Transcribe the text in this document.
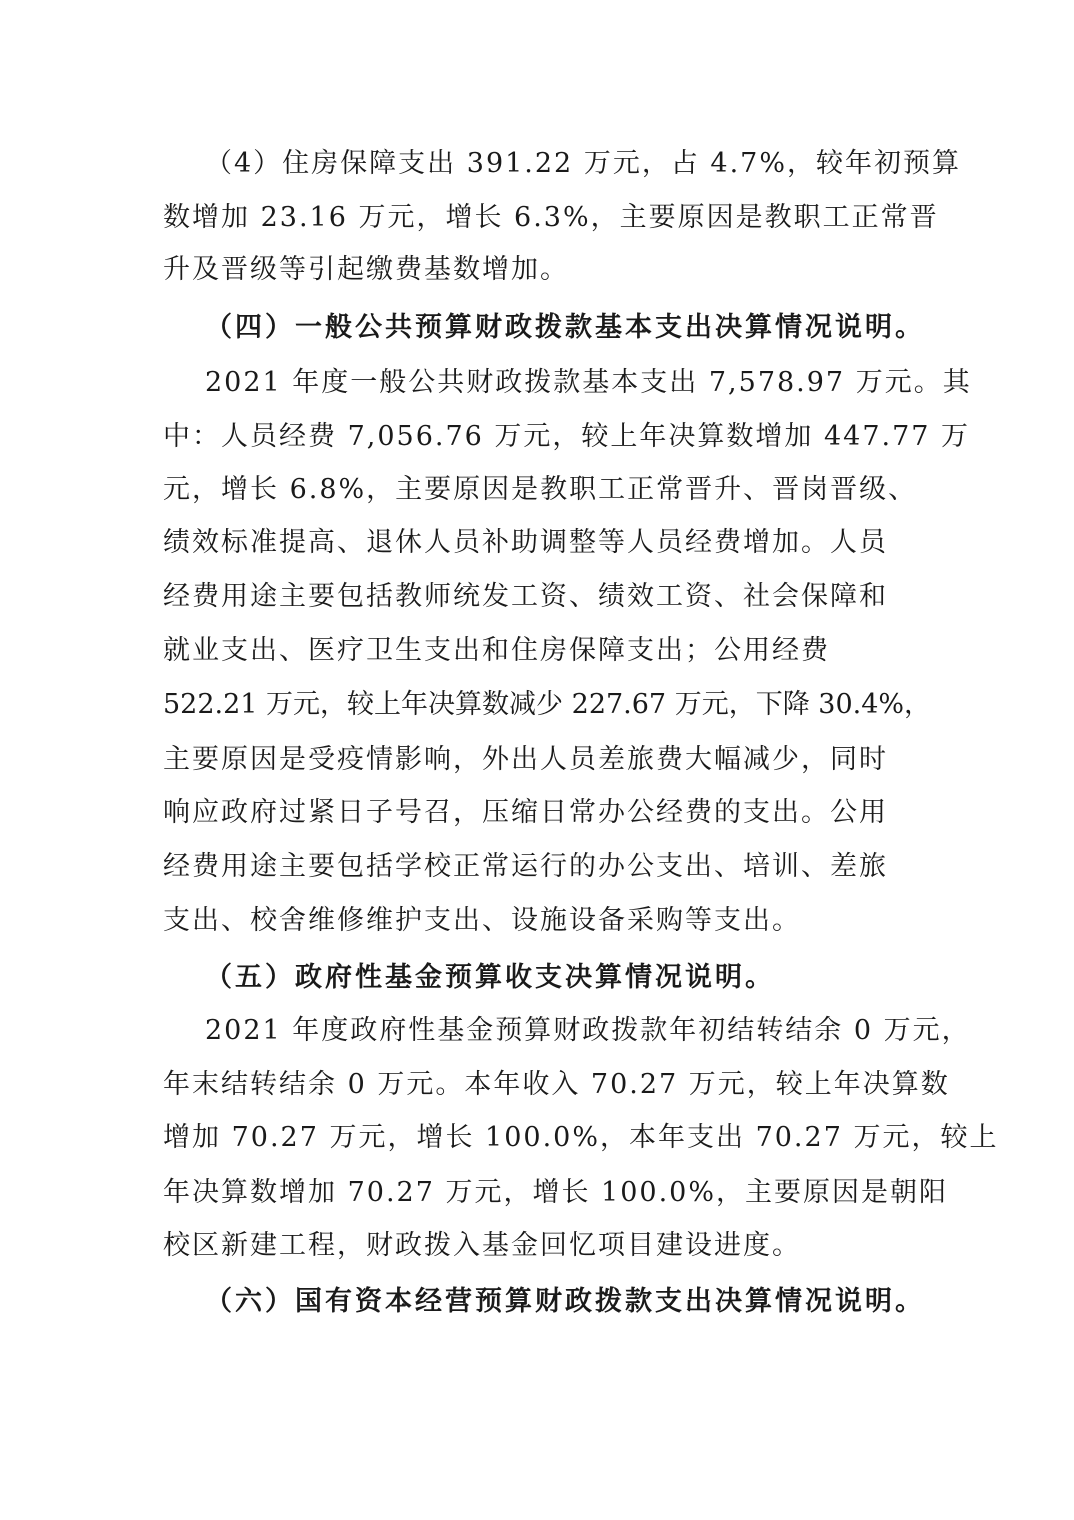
（4）住房保障支出 391.22 万元，占 4.7%，较年初预算
数增加 23.16 万元，增长 6.3%，主要原因是教职工正常晋
升及晋级等引起缴费基数增加。
（四）一般公共预算财政拨款基本支出决算情况说明。
2021 年度一般公共财政拨款基本支出 7,578.97 万元。其
中：人员经费 7,056.76 万元，较上年决算数增加 447.77 万
元，增长 6.8%，主要原因是教职工正常晋升、晋岗晋级、
绩效标准提高、退休人员补助调整等人员经费增加。人员
经费用途主要包括教师统发工资、绩效工资、社会保障和
就业支出、医疗卫生支出和住房保障支出；公用经费
522.21 万元，较上年决算数减少 227.67 万元，下降 30.4%，
主要原因是受疫情影响，外出人员差旅费大幅减少，同时
响应政府过紧日子号召，压缩日常办公经费的支出。公用
经费用途主要包括学校正常运行的办公支出、培训、差旅
支出、校舍维修维护支出、设施设备采购等支出。
（五）政府性基金预算收支决算情况说明。
2021 年度政府性基金预算财政拨款年初结转结余 0 万元，
年末结转结余 0 万元。本年收入 70.27 万元，较上年决算数
增加 70.27 万元，增长 100.0%，本年支出 70.27 万元，较上
年决算数增加 70.27 万元，增长 100.0%，主要原因是朝阳
校区新建工程，财政拨入基金回忆项目建设进度。
（六）国有资本经营预算财政拨款支出决算情况说明。
